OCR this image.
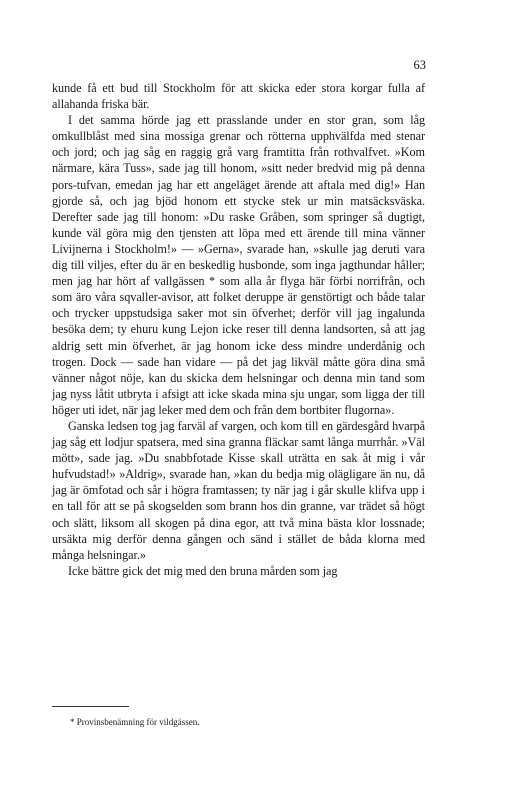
63

kunde få ett bud till Stockholm för att skicka eder stora korgar fulla af allahanda friska bär.

I det samma hörde jag ett prasslande under en stor gran, som låg omkullblåst med sina mossiga grenar och rötterna upphvälfda med stenar och jord; och jag såg en raggig grå varg framtitta från rothvalfvet. »Kom närmare, kära Tuss», sade jag till honom, »sitt neder bredvid mig på denna pors-tufvan, emedan jag har ett angeläget ärende att aftala med dig!» Han gjorde så, och jag bjöd honom ett stycke stek ur min matsäcksväska. Derefter sade jag till honom: »Du raske Gråben, som springer så dugtigt, kunde väl göra mig den tjensten att löpa med ett ärende till mina vänner Livijnerna i Stockholm!» — »Gerna», svarade han, »skulle jag deruti vara dig till viljes, efter du är en beskedlig husbonde, som inga jagthundar håller; men jag har hört af vallgässen * som alla år flyga här förbi norrifrån, och som äro våra sqvaller-avisor, att folket deruppe är genstörtigt och både talar och trycker uppstudsiga saker mot sin öfverhet; derför vill jag ingalunda besöka dem; ty ehuru kung Lejon icke reser till denna landsorten, så att jag aldrig sett min öfverhet, är jag honom icke dess mindre underdånig och trogen. Dock — sade han vidare — på det jag likväl måtte göra dina små vänner något nöje, kan du skicka dem helsningar och denna min tand som jag nyss låtit utbryta i afsigt att icke skada mina sju ungar, som ligga der till höger uti idet, när jag leker med dem och från dem bortbiter flugorna».

Ganska ledsen tog jag farväl af vargen, och kom till en gärdesgård hvarpå jag såg ett lodjur spatsera, med sina granna fläckar samt långa murrhår. »Väl mött», sade jag. »Du snabbfotade Kisse skall uträtta en sak åt mig i vår hufvudstad!» »Aldrig», svarade han, »kan du bedja mig olägligare än nu, då jag är ömfotad och sår i högra framtassen; ty när jag i går skulle klifva upp i en tall för att se på skogselden som brann hos din granne, var trädet så högt och slätt, liksom all skogen på dina egor, att två mina bästa klor lossnade; ursäkta mig derför denna gången och sänd i stället de båda klorna med många helsningar.»

Icke bättre gick det mig med den bruna mården som jag

* Provinsbenämning för vildgässen.
